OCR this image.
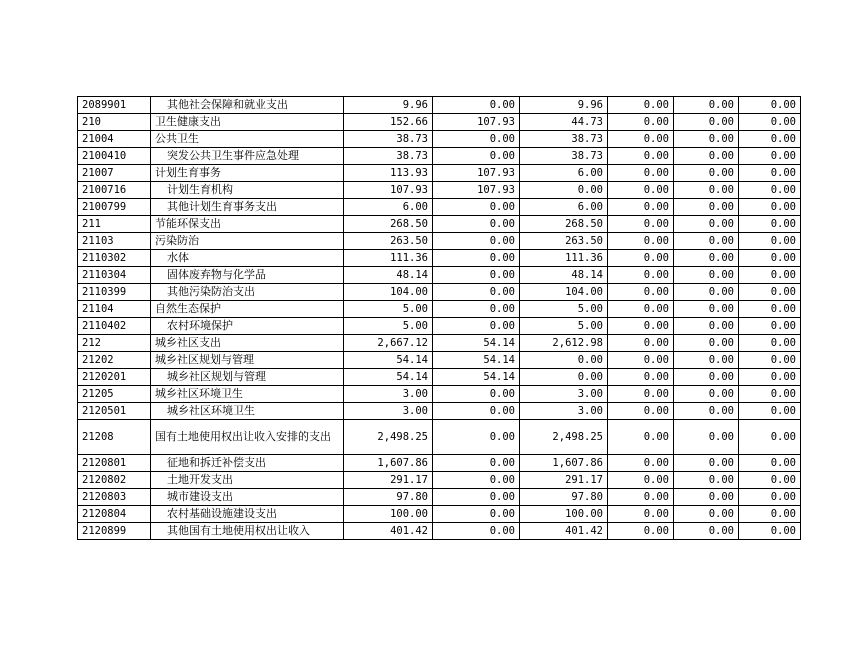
2089901	其他社会保障和就业支出	9.96	0.00	9.96	0.00	0.00	0.00
210	卫生健康支出	152.66	107.93	44.73	0.00	0.00	0.00
21004	公共卫生	38.73	0.00	38.73	0.00	0.00	0.00
2100410	突发公共卫生事件应急处理	38.73	0.00	38.73	0.00	0.00	0.00
21007	计划生育事务	113.93	107.93	6.00	0.00	0.00	0.00
2100716	计划生育机构	107.93	107.93	0.00	0.00	0.00	0.00
2100799	其他计划生育事务支出	6.00	0.00	6.00	0.00	0.00	0.00
211	节能环保支出	268.50	0.00	268.50	0.00	0.00	0.00
21103	污染防治	263.50	0.00	263.50	0.00	0.00	0.00
2110302	水体	111.36	0.00	111.36	0.00	0.00	0.00
2110304	固体废弃物与化学品	48.14	0.00	48.14	0.00	0.00	0.00
2110399	其他污染防治支出	104.00	0.00	104.00	0.00	0.00	0.00
21104	自然生态保护	5.00	0.00	5.00	0.00	0.00	0.00
2110402	农村环境保护	5.00	0.00	5.00	0.00	0.00	0.00
212	城乡社区支出	2,667.12	54.14	2,612.98	0.00	0.00	0.00
21202	城乡社区规划与管理	54.14	54.14	0.00	0.00	0.00	0.00
2120201	城乡社区规划与管理	54.14	54.14	0.00	0.00	0.00	0.00
21205	城乡社区环境卫生	3.00	0.00	3.00	0.00	0.00	0.00
2120501	城乡社区环境卫生	3.00	0.00	3.00	0.00	0.00	0.00
21208	国有土地使用权出让收入安排的支出	2,498.25	0.00	2,498.25	0.00	0.00	0.00
2120801	征地和拆迁补偿支出	1,607.86	0.00	1,607.86	0.00	0.00	0.00
2120802	土地开发支出	291.17	0.00	291.17	0.00	0.00	0.00
2120803	城市建设支出	97.80	0.00	97.80	0.00	0.00	0.00
2120804	农村基础设施建设支出	100.00	0.00	100.00	0.00	0.00	0.00
2120899	其他国有土地使用权出让收入	401.42	0.00	401.42	0.00	0.00	0.00
